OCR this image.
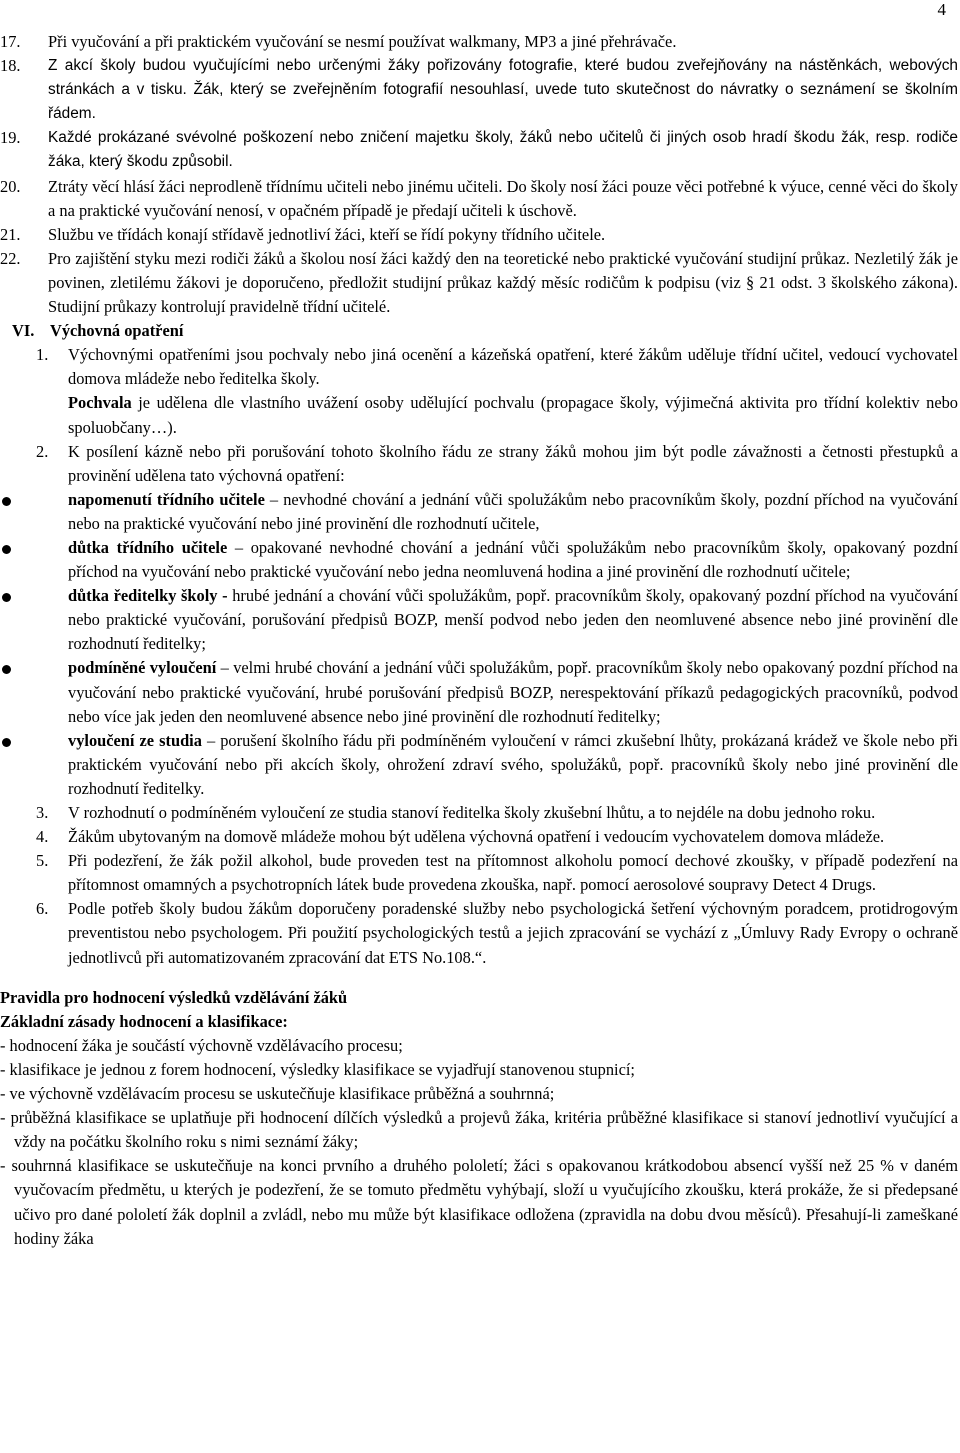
4
17.	Při vyučování a při praktickém vyučování se nesmí používat walkmany, MP3 a jiné přehrávače.
18.	Z akcí školy budou vyučujícími nebo určenými žáky pořizovány fotografie, které budou zveřejňovány na nástěnkách, webových stránkách a v tisku. Žák, který se zveřejněním fotografií nesouhlasí, uvede tuto skutečnost do návratky o seznámení se školním řádem.
19.	Každé prokázané svévolné poškození nebo zničení majetku školy, žáků nebo učitelů či jiných osob hradí škodu žák, resp. rodiče žáka, který škodu způsobil.
20.	Ztráty věcí hlásí žáci neprodleně třídnímu učiteli nebo jinému učiteli. Do školy nosí žáci pouze věci potřebné k výuce, cenné věci do školy a na praktické vyučování nenosí, v opačném případě je předají učiteli k úschově.
21.	Službu ve třídách konají střídavě jednotliví žáci, kteří se řídí pokyny třídního učitele.
22.	Pro zajištění styku mezi rodiči žáků a školou nosí žáci každý den na teoretické nebo praktické vyučování studijní průkaz. Nezletilý žák je povinen, zletilému žákovi je doporučeno, předložit studijní průkaz každý měsíc rodičům k podpisu (viz § 21 odst. 3 školského zákona). Studijní průkazy kontrolují pravidelně třídní učitelé.
VI. Výchovná opatření
1.	Výchovnými opatřeními jsou pochvaly nebo jiná ocenění a kázeňská opatření, které žákům uděluje třídní učitel, vedoucí vychovatel domova mládeže nebo ředitelka školy.
Pochvala je udělena dle vlastního uvážení osoby udělující pochvalu (propagace školy, výjimečná aktivita pro třídní kolektiv nebo spoluobčany…).
2.	K posílení kázně nebo při porušování tohoto školního řádu ze strany žáků mohou jim být podle závažnosti a četnosti přestupků a provinění udělena tato výchovná opatření:
napomenutí třídního učitele – nevhodné chování a jednání vůči spolužákům nebo pracovníkům školy, pozdní příchod na vyučování nebo na praktické vyučování nebo jiné provinění dle rozhodnutí učitele,
důtka třídního učitele – opakované nevhodné chování a jednání vůči spolužákům nebo pracovníkům školy, opakovaný pozdní příchod na vyučování nebo praktické vyučování nebo jedna neomluvená hodina a jiné provinění dle rozhodnutí učitele;
důtka ředitelky školy - hrubé jednání a chování vůči spolužákům, popř. pracovníkům školy, opakovaný pozdní příchod na vyučování nebo praktické vyučování, porušování předpisů BOZP, menší podvod nebo jeden den neomluvené absence nebo jiné provinění dle rozhodnutí ředitelky;
podmíněné vyloučení – velmi hrubé chování a jednání vůči spolužákům, popř. pracovníkům školy nebo opakovaný pozdní příchod na vyučování nebo praktické vyučování, hrubé porušování předpisů BOZP, nerespektování příkazů pedagogických pracovníků, podvod nebo více jak jeden den neomluvené absence nebo jiné provinění dle rozhodnutí ředitelky;
vyloučení ze studia – porušení školního řádu při podmíněném vyloučení v rámci zkušební lhůty, prokázaná krádež ve škole nebo při praktickém vyučování nebo při akcích školy, ohrožení zdraví svého, spolužáků, popř. pracovníků školy nebo jiné provinění dle rozhodnutí ředitelky.
3.	V rozhodnutí o podmíněném vyloučení ze studia stanoví ředitelka školy zkušební lhůtu, a to nejdéle na dobu jednoho roku.
4.	Žákům ubytovaným na domově mládeže mohou být udělena výchovná opatření i vedoucím vychovatelem domova mládeže.
5.	Při podezření, že žák požil alkohol, bude proveden test na přítomnost alkoholu pomocí dechové zkoušky, v případě podezření na přítomnost omamných a psychotropních látek bude provedena zkouška, např. pomocí aerosolové soupravy Detect 4 Drugs.
6.	Podle potřeb školy budou žákům doporučeny poradenské služby nebo psychologická šetření výchovným poradcem, protidrogovým preventistou nebo psychologem. Při použití psychologických testů a jejich zpracování se vychází z „Úmluvy Rady Evropy o ochraně jednotlivců při automatizovaném zpracování dat ETS No.108.“.
Pravidla pro hodnocení výsledků vzdělávání žáků
Základní zásady hodnocení a klasifikace:
- hodnocení žáka je součástí výchovně vzdělávacího procesu;
- klasifikace je jednou z forem hodnocení, výsledky klasifikace se vyjadřují stanovenou stupnicí;
- ve výchovně vzdělávacím procesu se uskutečňuje klasifikace průběžná a souhrnná;
- průběžná klasifikace se uplatňuje při hodnocení dílčích výsledků a projevů žáka, kritéria průběžné klasifikace si stanoví jednotliví vyučující a vždy na počátku školního roku s nimi seznámí žáky;
- souhrnná klasifikace se uskutečňuje na konci prvního a druhého pololetí; žáci s opakovanou krátkodobou absencí vyšší než 25 % v daném vyučovacím předmětu, u kterých je podezření, že se tomuto předmětu vyhýbají, složí u vyučujícího zkoušku, která prokáže, že si předepsané učivo pro dané pololetí žák doplnil a zvládl, nebo mu může být klasifikace odložena (zpravidla na dobu dvou měsíců). Přesahují-li zameškané hodiny žáka
